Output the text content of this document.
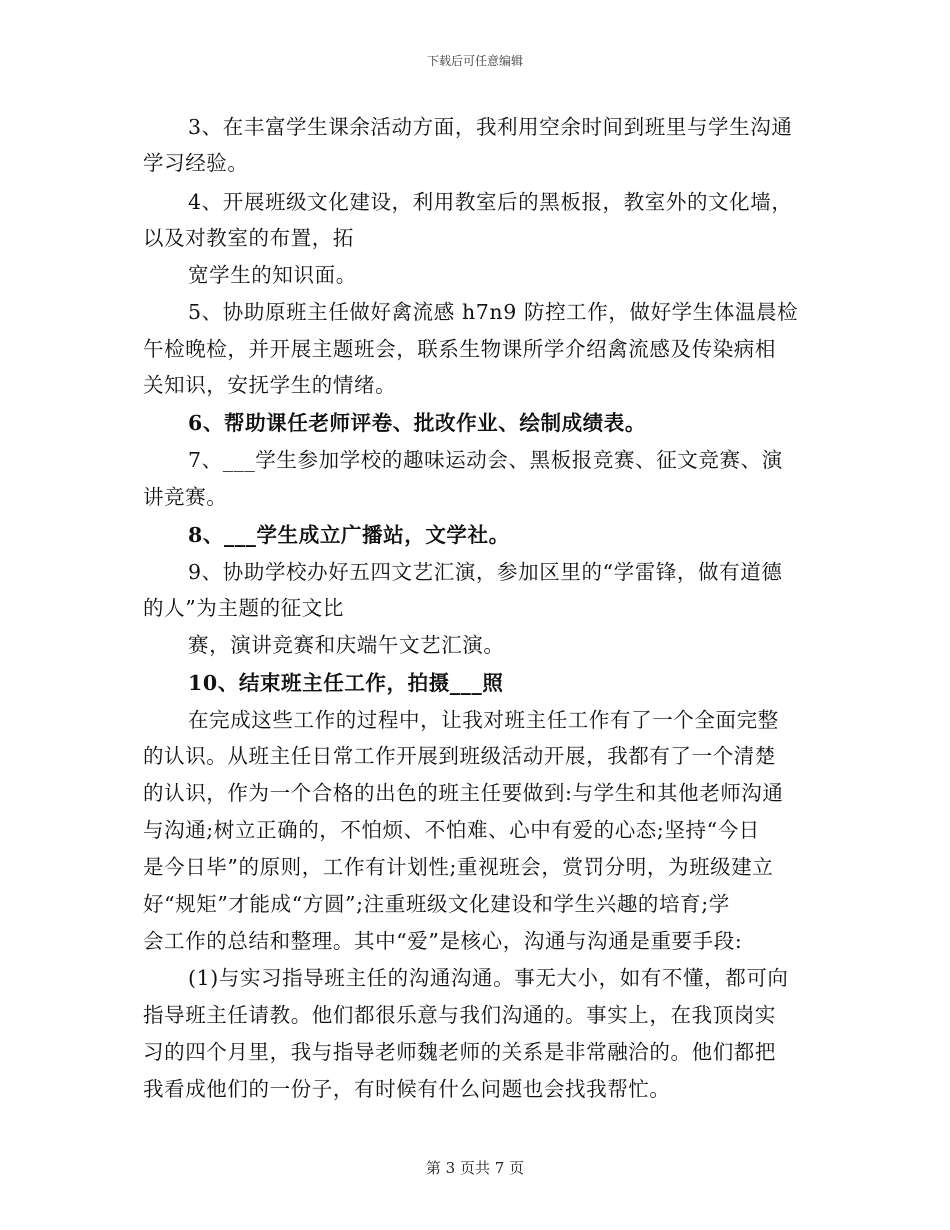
下载后可任意编辑
3、在丰富学生课余活动方面，我利用空余时间到班里与学生沟通
学习经验。
4、开展班级文化建设，利用教室后的黑板报，教室外的文化墙，
以及对教室的布置，拓
宽学生的知识面。
5、协助原班主任做好禽流感 h7n9 防控工作，做好学生体温晨检
午检晚检，并开展主题班会，联系生物课所学介绍禽流感及传染病相
关知识，安抚学生的情绪。
6、帮助课任老师评卷、批改作业、绘制成绩表。
7、___学生参加学校的趣味运动会、黑板报竞赛、征文竞赛、演
讲竞赛。
8、___学生成立广播站，文学社。
9、协助学校办好五四文艺汇演，参加区里的“学雷锋，做有道德
的人”为主题的征文比
赛，演讲竞赛和庆端午文艺汇演。
10、结束班主任工作，拍摄___照
在完成这些工作的过程中，让我对班主任工作有了一个全面完整
的认识。从班主任日常工作开展到班级活动开展，我都有了一个清楚
的认识，作为一个合格的出色的班主任要做到:与学生和其他老师沟通
与沟通;树立正确的，不怕烦、不怕难、心中有爱的心态;坚持“今日
是今日毕”的原则，工作有计划性;重视班会，赏罚分明，为班级建立
好“规矩”才能成“方圆”;注重班级文化建设和学生兴趣的培育;学
会工作的总结和整理。其中“爱”是核心，沟通与沟通是重要手段:
(1)与实习指导班主任的沟通沟通。事无大小，如有不懂，都可向
指导班主任请教。他们都很乐意与我们沟通的。事实上，在我顶岗实
习的四个月里，我与指导老师魏老师的关系是非常融洽的。他们都把
我看成他们的一份子，有时候有什么问题也会找我帮忙。
第 3 页共 7 页
